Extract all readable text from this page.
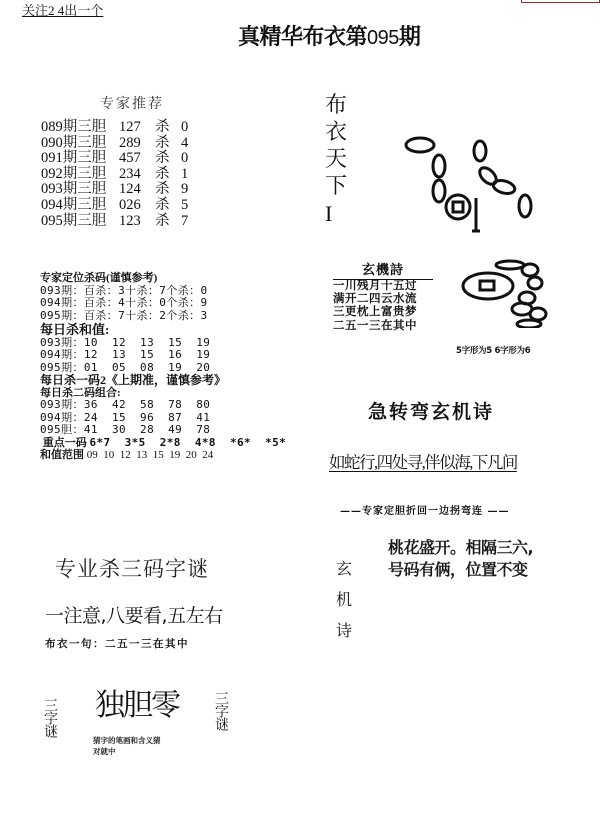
关注2 4出一个
真精华布衣第095期
专家推荐
089期三胆 127 杀 0
090期三胆 289 杀 4
091期三胆 457 杀 0
092期三胆 234 杀 1
093期三胆 124 杀 9
094期三胆 026 杀 5
095期三胆 123 杀 7
专家定位杀码(谨慎参考)
093期：百杀：3十杀：7个杀：0
094期：百杀：4十杀：0个杀：9
095期：百杀：7十杀：2个杀：3
每日杀和值:
093期：10  12  13  15  19
094期：12  13  15  16  19
095期：01  05  08  19  20
每日杀一码2《上期准，谨慎参考》
每日杀二码组合:
093期：36  42  58  78  80
094期：24  15  96  87  41
095胆：41  30  28  49  78
重点一码 6*7  3*5  2*8  4*8  *6*  *5*
和值范围 09  10  12  13  15  19  20  24
专业杀三码字谜
一注意,八要看,五左右
布衣一句：二五一三在其中
三字谜 独胆零
猜字的笔画和含义猜对就中
三字谜
布
衣
天
下
I
玄機詩
一川残月十五过
满开二四云水流
三更枕上富贵梦
二五一三在其中
5字形为5 6字形为6
急转弯玄机诗
如蛇行,四处寻,伴似海,下凡间
——专家定胆折回一边拐弯连 ——
玄
机
诗
桃花盛开。相隔三六,
号码有俩，位置不变
